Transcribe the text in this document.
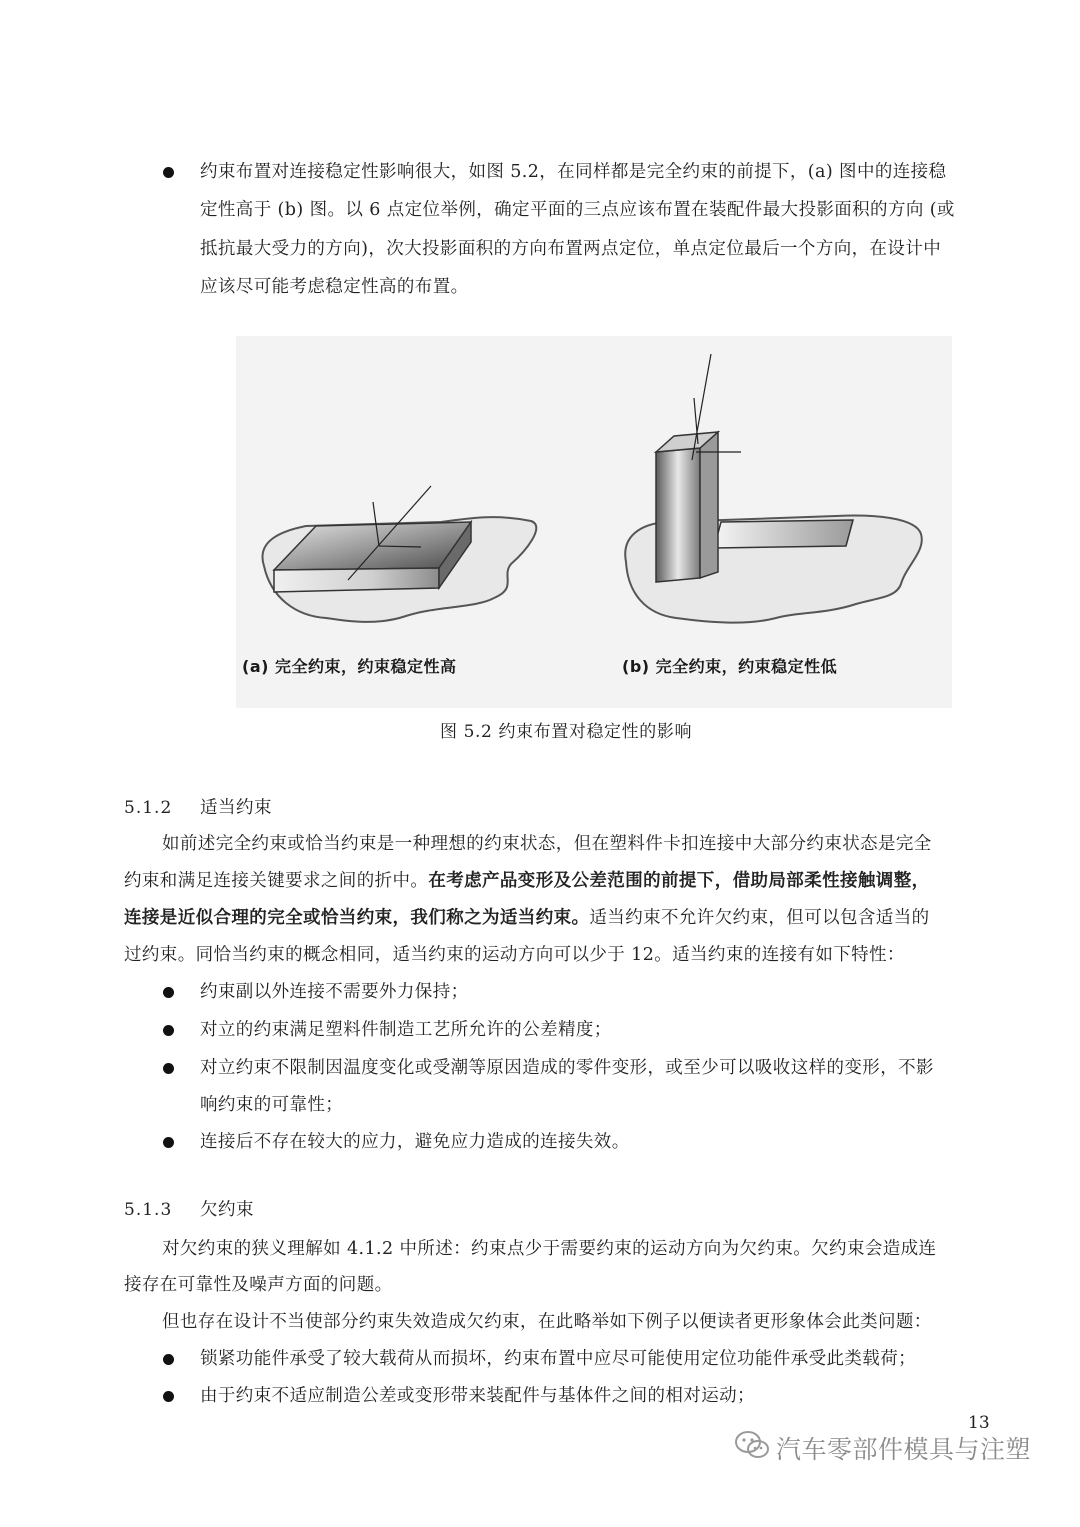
约束布置对连接稳定性影响很大，如图 5.2，在同样都是完全约束的前提下，(a) 图中的连接稳
定性高于 (b) 图。以 6 点定位举例，确定平面的三点应该布置在装配件最大投影面积的方向 (或
抵抗最大受力的方向)，次大投影面积的方向布置两点定位，单点定位最后一个方向，在设计中
应该尽可能考虑稳定性高的布置。
(a) 完全约束，约束稳定性高	(b) 完全约束，约束稳定性低
图 5.2 约束布置对稳定性的影响
5.1.2 适当约束
如前述完全约束或恰当约束是一种理想的约束状态，但在塑料件卡扣连接中大部分约束状态是完全
约束和满足连接关键要求之间的折中。在考虑产品变形及公差范围的前提下，借助局部柔性接触调整，
连接是近似合理的完全或恰当约束，我们称之为适当约束。适当约束不允许欠约束，但可以包含适当的
过约束。同恰当约束的概念相同，适当约束的运动方向可以少于 12。适当约束的连接有如下特性：
约束副以外连接不需要外力保持；
对立的约束满足塑料件制造工艺所允许的公差精度；
对立约束不限制因温度变化或受潮等原因造成的零件变形，或至少可以吸收这样的变形，不影
响约束的可靠性；
连接后不存在较大的应力，避免应力造成的连接失效。
5.1.3 欠约束
对欠约束的狭义理解如 4.1.2 中所述：约束点少于需要约束的运动方向为欠约束。欠约束会造成连
接存在可靠性及噪声方面的问题。
但也存在设计不当使部分约束失效造成欠约束，在此略举如下例子以便读者更形象体会此类问题：
锁紧功能件承受了较大载荷从而损坏，约束布置中应尽可能使用定位功能件承受此类载荷；
由于约束不适应制造公差或变形带来装配件与基体件之间的相对运动；
13
汽车零部件模具与注塑
